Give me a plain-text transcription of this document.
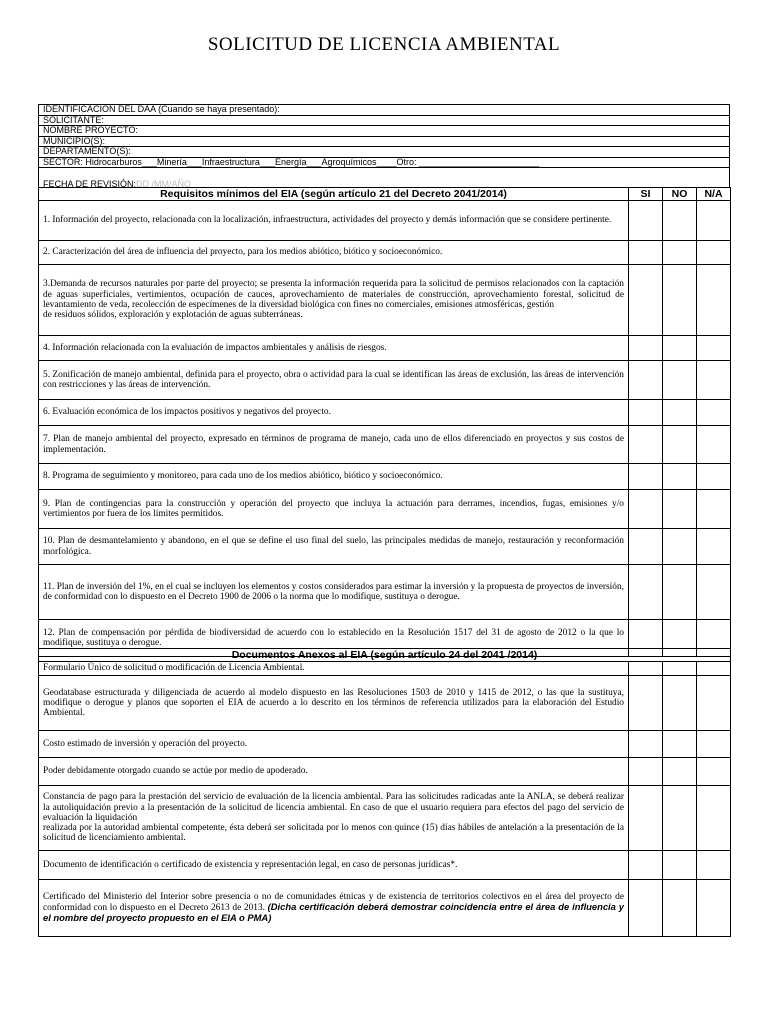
SOLICITUD DE LICENCIA AMBIENTAL
IDENTIFICACIÓN DEL DAA (Cuando se haya presentado):
SOLICITANTE:
NOMBRE PROYECTO:
MUNICIPIO(S):
DEPARTAMENTO(S):
SECTOR: Hidrocarburos___Minería___Infraestructura___Energía___Agroquímicos____Otro: ________________________
FECHA DE REVISIÓN:DD /MM/AÑO
Requisitos mínimos del EIA (según artículo 21 del Decreto 2041/2014)	SI	NO	N/A
1. Información del proyecto, relacionada con la localización, infraestructura, actividades del proyecto y demás información que se considere pertinente.			
2. Caracterización del área de influencia del proyecto, para los medios abiótico, biótico y socioeconómico.			
3.Demanda de recursos naturales por parte del proyecto; se presenta la información requerida para la solicitud de permisos relacionados con la captación de aguas superficiales, vertimientos, ocupación de cauces, aprovechamiento de materiales de construcción, aprovechamiento forestal, solicitud de levantamiento de veda, recolección de especímenes de la diversidad biológica con fines no comerciales, emisiones atmosféricas, gestión
de residuos sólidos, exploración y explotación de aguas subterráneas.			
4. Información relacionada con la evaluación de impactos ambientales y análisis de riesgos.			
5. Zonificación de manejo ambiental, definida para el proyecto, obra o actividad para la cual se identifican las áreas de exclusión, las áreas de intervención con restricciones y las áreas de intervención.			
6. Evaluación económica de los impactos positivos y negativos del proyecto.			
7. Plan de manejo ambiental del proyecto, expresado en términos de programa de manejo, cada uno de ellos diferenciado en proyectos y sus costos de implementación.			
8. Programa de seguimiento y monitoreo, para cada uno de los medios abiótico, biótico y socioeconómico.			
9. Plan de contingencias para la construcción y operación del proyecto que incluya la actuación para derrames, incendios, fugas, emisiones y/o vertimientos por fuera de los límites permitidos.			
10. Plan de desmantelamiento y abandono, en el que se define el uso final del suelo, las principales medidas de manejo, restauración y reconformación morfológica.			
11. Plan de inversión del 1%, en el cual se incluyen los elementos y costos considerados para estimar la inversión y la propuesta de proyectos de inversión, de conformidad con lo dispuesto en el Decreto 1900 de 2006 o la norma que lo modifique, sustituya o derogue.			
12. Plan de compensación por pérdida de biodiversidad de acuerdo con lo establecido en la Resolución 1517 del 31 de agosto de 2012 o la que lo modifique, sustituya o derogue.			
Documentos Anexos al EIA (según artículo 24 del 2041 /2014)			
Formulario Único de solicitud o modificación de Licencia Ambiental.			
Geodatabase estructurada y diligenciada de acuerdo al modelo dispuesto en las Resoluciones 1503 de 2010 y 1415 de 2012, o las que la sustituya, modifique o derogue y planos que soporten el EIA de acuerdo a lo descrito en los términos de referencia utilizados para la elaboración del Estudio Ambiental.			
Costo estimado de inversión y operación del proyecto.			
Poder debidamente otorgado cuando se actúe por medio de apoderado.			
Constancia de pago para la prestación del servicio de evaluación de la licencia ambiental. Para las solicitudes radicadas ante la ANLA, se deberá realizar la autoliquidación previo a la presentación de la solicitud de licencia ambiental. En caso de que el usuario requiera para efectos del pago del servicio de evaluación la liquidación
realizada por la autoridad ambiental competente, ésta deberá ser solicitada por lo menos con quince (15) días hábiles de antelación a la presentación de la solicitud de licenciamiento ambiental.			
Documento de identificación o certificado de existencia y representación legal, en caso de personas jurídicas*.			
Certificado del Ministerio del Interior sobre presencia o no de comunidades étnicas y de existencia de territorios colectivos en el área del proyecto de conformidad con lo dispuesto en el Decreto 2613 de 2013. (Dicha certificación deberá demostrar coincidencia entre el área de influencia y el nombre del proyecto propuesto en el EIA o PMA)			
